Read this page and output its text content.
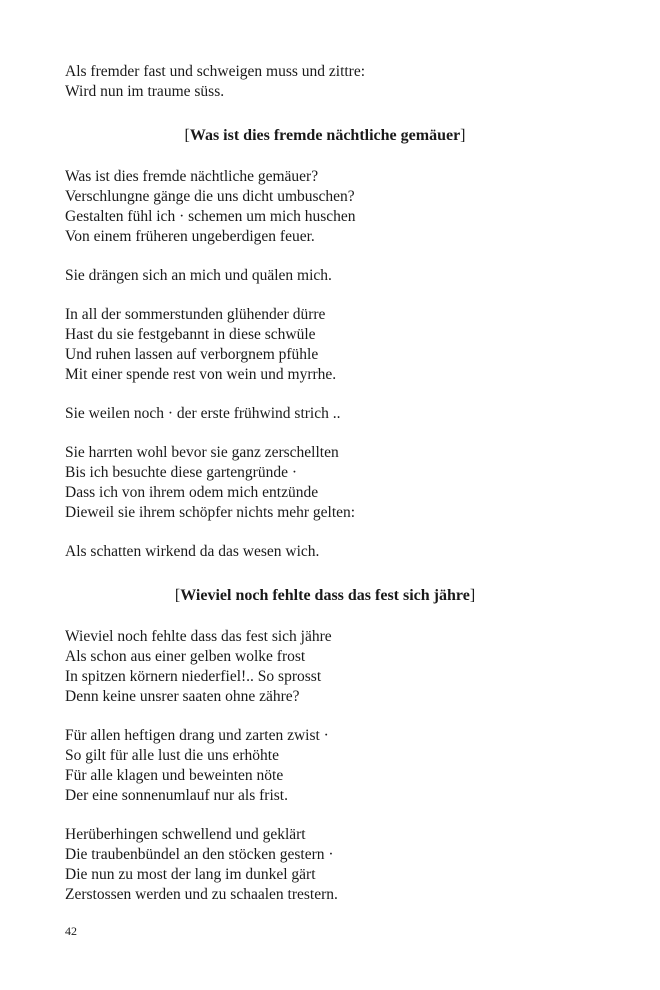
Als fremder fast und schweigen muss und zittre:
Wird nun im traume süss.
[Was ist dies fremde nächtliche gemäuer]
Was ist dies fremde nächtliche gemäuer?
Verschlungne gänge die uns dicht umbuschen?
Gestalten fühl ich · schemen um mich huschen
Von einem früheren ungeberdigen feuer.
Sie drängen sich an mich und quälen mich.
In all der sommerstunden glühender dürre
Hast du sie festgebannt in diese schwüle
Und ruhen lassen auf verborgnem pfühle
Mit einer spende rest von wein und myrrhe.
Sie weilen noch · der erste frühwind strich ..
Sie harrten wohl bevor sie ganz zerschellten
Bis ich besuchte diese gartengründe ·
Dass ich von ihrem odem mich entzünde
Dieweil sie ihrem schöpfer nichts mehr gelten:
Als schatten wirkend da das wesen wich.
[Wieviel noch fehlte dass das fest sich jähre]
Wieviel noch fehlte dass das fest sich jähre
Als schon aus einer gelben wolke frost
In spitzen körnern niederfiel!.. So sprosst
Denn keine unsrer saaten ohne zähre?
Für allen heftigen drang und zarten zwist ·
So gilt für alle lust die uns erhöhte
Für alle klagen und beweinten nöte
Der eine sonnenumlauf nur als frist.
Herüberhingen schwellend und geklärt
Die traubenbündel an den stöcken gestern ·
Die nun zu most der lang im dunkel gärt
Zerstossen werden und zu schaalen trestern.
42
